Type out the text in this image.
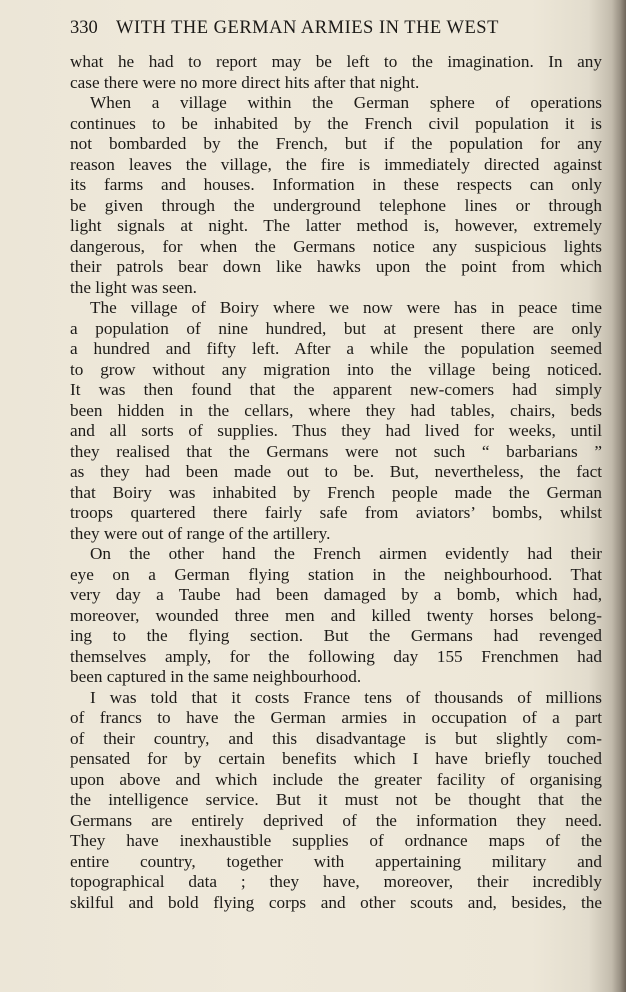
330 WITH THE GERMAN ARMIES IN THE WEST
what he had to report may be left to the imagination. In any
case there were no more direct hits after that night.
When a village within the German sphere of operations
continues to be inhabited by the French civil population it is
not bombarded by the French, but if the population for any
reason leaves the village, the fire is immediately directed against
its farms and houses. Information in these respects can only
be given through the underground telephone lines or through
light signals at night. The latter method is, however, extremely
dangerous, for when the Germans notice any suspicious lights
their patrols bear down like hawks upon the point from which
the light was seen.
The village of Boiry where we now were has in peace time
a population of nine hundred, but at present there are only
a hundred and fifty left. After a while the population seemed
to grow without any migration into the village being noticed.
It was then found that the apparent new-comers had simply
been hidden in the cellars, where they had tables, chairs, beds
and all sorts of supplies. Thus they had lived for weeks, until
they realised that the Germans were not such “ barbarians ”
as they had been made out to be. But, nevertheless, the fact
that Boiry was inhabited by French people made the German
troops quartered there fairly safe from aviators’ bombs, whilst
they were out of range of the artillery.
On the other hand the French airmen evidently had their
eye on a German flying station in the neighbourhood. That
very day a Taube had been damaged by a bomb, which had,
moreover, wounded three men and killed twenty horses belong-
ing to the flying section. But the Germans had revenged
themselves amply, for the following day 155 Frenchmen had
been captured in the same neighbourhood.
I was told that it costs France tens of thousands of millions
of francs to have the German armies in occupation of a part
of their country, and this disadvantage is but slightly com-
pensated for by certain benefits which I have briefly touched
upon above and which include the greater facility of organising
the intelligence service. But it must not be thought that the
Germans are entirely deprived of the information they need.
They have inexhaustible supplies of ordnance maps of the
entire country, together with appertaining military and
topographical data ; they have, moreover, their incredibly
skilful and bold flying corps and other scouts and, besides, the
